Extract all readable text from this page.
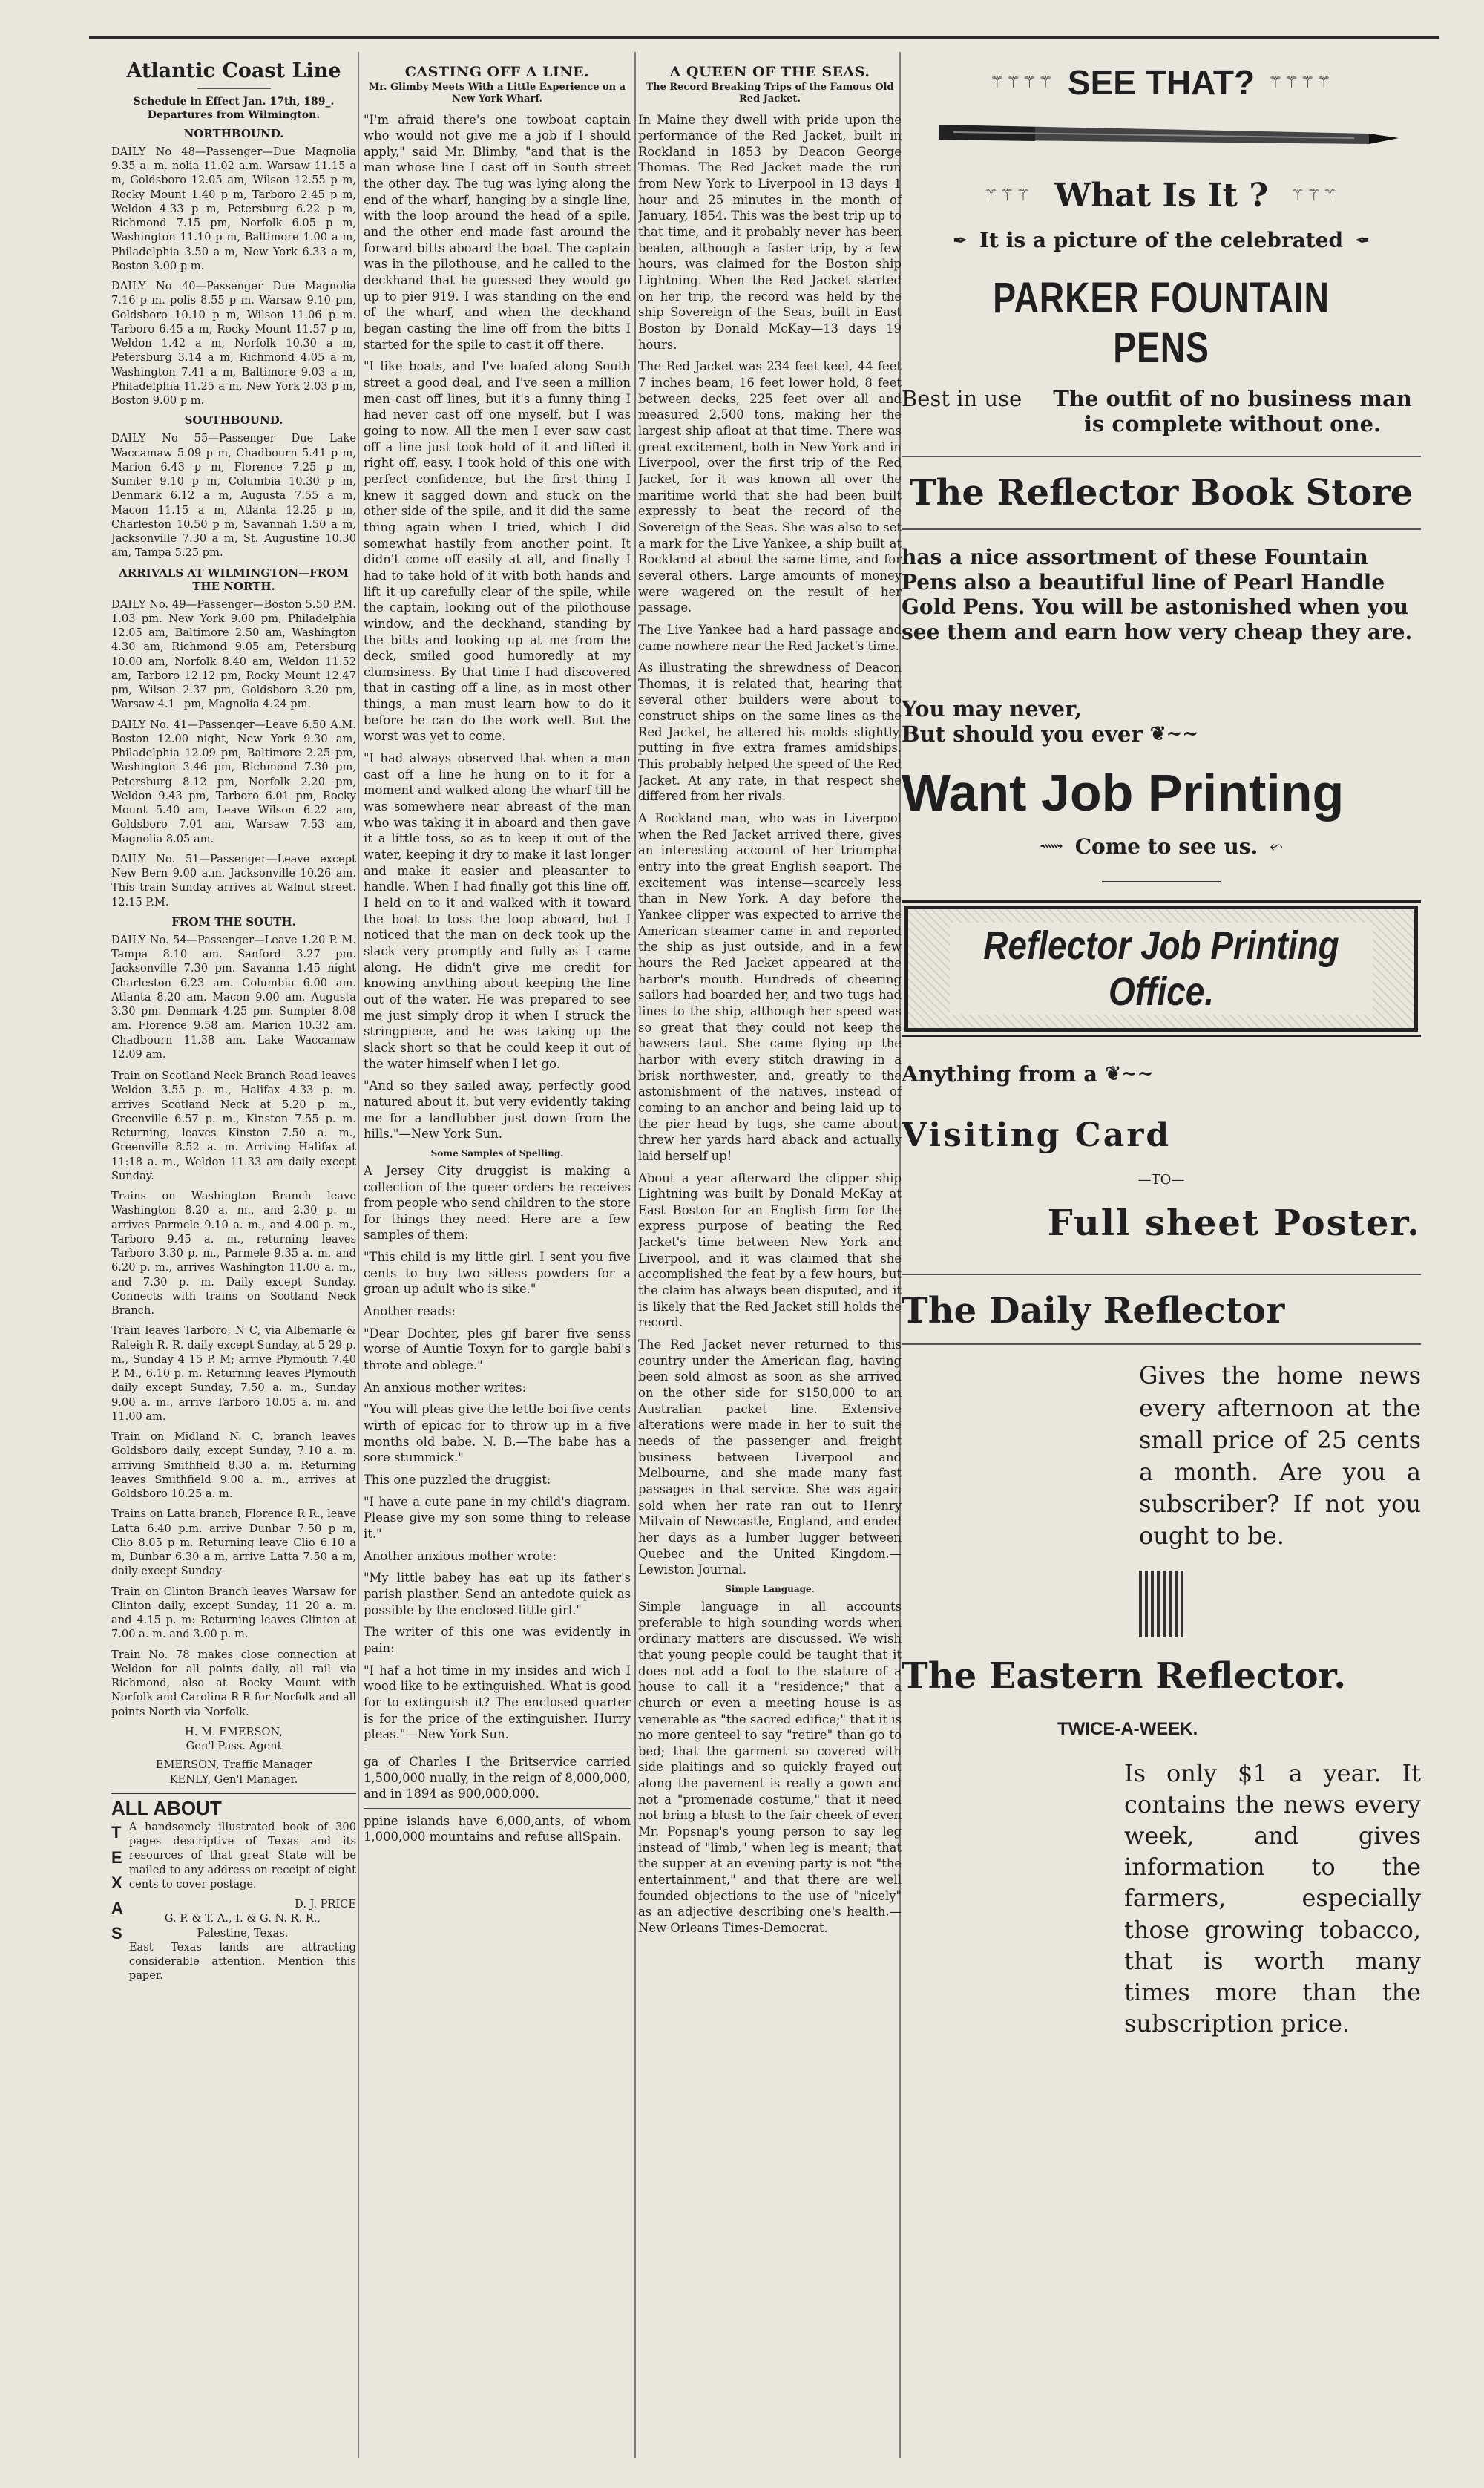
Atlantic Coast Line
Schedule in Effect Jan. 17th, 189_.
Departures from Wilmington.
NORTHBOUND.

DAILY No 48—Passenger—Due Magnolia 9.35 a. m. nolia 11.02 a.m. Warsaw 11.15 a m, Goldsboro 12.05 am, Wilson 12.55 p m, Rocky Mount 1.40 p m, Tarboro 2.45 p m, Weldon 4.33 p m, Petersburg 6.22 p m, Richmond 7.15 pm, Norfolk 6.05 p m, Washington 11.10 p m, Baltimore 1.00 a m, Philadelphia 3.50 a m, New York 6.33 a m, Boston 3.00 p m.

DAILY No 40—Passenger Due Magnolia 7.16 p m. polis 8.55 p m. Warsaw 9.10 pm, Goldsboro 10.10 p m, Wilson 11.06 p m. Tarboro 6.45 a m, Rocky Mount 11.57 p m, Weldon 1.42 a m, Norfolk 10.30 a m, Petersburg 3.14 a m, Richmond 4.05 a m, Washington 7.41 a m, Baltimore 9.03 a m, Philadelphia 11.25 a m, New York 2.03 p m, Boston 9.00 p m.

SOUTHBOUND.

DAILY No 55—Passenger Due Lake Waccamaw 5.09 p m, Chadbourn 5.41 p m, Marion 6.43 p m, Florence 7.25 p m, Sumter 9.10 p m, Columbia 10.30 p m, Denmark 6.12 a m, Augusta 7.55 a m, Macon 11.15 a m, Atlanta 12.25 p m, Charleston 10.50 p m, Savannah 1.50 a m, Jacksonville 7.30 a m, St. Augustine 10.30 am, Tampa 5.25 pm.

ARRIVALS AT WILMINGTON—FROM THE NORTH.

DAILY No. 49—Passenger—Boston 5.50 P.M. 1.03 pm. New York 9.00 pm, Philadelphia 12.05 am, Baltimore 2.50 am, Washington 4.30 am, Richmond 9.05 am, Petersburg 10.00 am, Norfolk 8.40 am, Weldon 11.52 am, Tarboro 12.12 pm, Rocky Mount 12.47 pm, Wilson 2.37 pm, Goldsboro 3.20 pm, Warsaw 4.1_ pm, Magnolia 4.24 pm.

DAILY No. 41—Passenger—Leave 6.50 A.M. Boston 12.00 night, New York 9.30 am, Philadelphia 12.09 pm, Baltimore 2.25 pm, Washington 3.46 pm, Richmond 7.30 pm, Petersburg 8.12 pm, Norfolk 2.20 pm, Weldon 9.43 pm, Tarboro 6.01 pm, Rocky Mount 5.40 am, Leave Wilson 6.22 am, Goldsboro 7.01 am, Warsaw 7.53 am, Magnolia 8.05 am.

DAILY No. 51—Passenger—Leave except New Bern 9.00 a.m. Jacksonville 10.26 am. This train Sunday arrives at Walnut street. 12.15 P.M.

FROM THE SOUTH.

DAILY No. 54—Passenger—Leave 1.20 P. M. Tampa 8.10 am. Sanford 3.27 pm. Jacksonville 7.30 pm. Savanna 1.45 night Charleston 6.23 am. Columbia 6.00 am. Atlanta 8.20 am. Macon 9.00 am. Augusta 3.30 pm. Denmark 4.25 pm. Sumpter 8.08 am. Florence 9.58 am. Marion 10.32 am. Chadbourn 11.38 am. Lake Waccamaw 12.09 am.

Train on Scotland Neck Branch Road leaves Weldon 3.55 p. m., Halifax 4.33 p. m. arrives Scotland Neck at 5.20 p. m., Greenville 6.57 p. m., Kinston 7.55 p. m. Returning, leaves Kinston 7.50 a. m., Greenville 8.52 a. m. Arriving Halifax at 11:18 a. m., Weldon 11.33 am daily except Sunday.

Trains on Washington Branch leave Washington 8.20 a. m., and 2.30 p. m arrives Parmele 9.10 a. m., and 4.00 p. m., Tarboro 9.45 a. m., returning leaves Tarboro 3.30 p. m., Parmele 9.35 a. m. and 6.20 p. m., arrives Washington 11.00 a. m., and 7.30 p. m. Daily except Sunday. Connects with trains on Scotland Neck Branch.

Train leaves Tarboro, N C, via Albemarle & Raleigh R. R. daily except Sunday, at 5 29 p. m., Sunday 4 15 P. M; arrive Plymouth 7.40 P. M., 6.10 p. m. Returning leaves Plymouth daily except Sunday, 7.50 a. m., Sunday 9.00 a. m., arrive Tarboro 10.05 a. m. and 11.00 am.

Train on Midland N. C. branch leaves Goldsboro daily, except Sunday, 7.10 a. m. arriving Smithfield 8.30 a. m. Returning leaves Smithfield 9.00 a. m., arrives at Goldsboro 10.25 a. m.

Trains on Latta branch, Florence R R., leave Latta 6.40 p.m. arrive Dunbar 7.50 p m, Clio 8.05 p m. Returning leave Clio 6.10 a m, Dunbar 6.30 a m, arrive Latta 7.50 a m, daily except Sunday

Train on Clinton Branch leaves Warsaw for Clinton daily, except Sunday, 11 20 a. m. and 4.15 p. m: Returning leaves Clinton at 7.00 a. m. and 3.00 p. m.

Train No. 78 makes close connection at Weldon for all points daily, all rail via Richmond, also at Rocky Mount with Norfolk and Carolina R R for Norfolk and all points North via Norfolk.

H. M. EMERSON,
Gen'l Pass. Agent
EMERSON, Traffic Manager
KENLY, Gen'l Manager.
ALL ABOUT
T
E
X
A
S

A handsomely illustrated book of 300 pages descriptive of Texas and its resources of that great State will be mailed to any address on receipt of eight cents to cover postage.

D. J. PRICE
G. P. & T. A., I. & G. N. R. R.,
Palestine, Texas.

East Texas lands are attracting considerable attention. Mention this paper.

CASTING OFF A LINE.
Mr. Glimby Meets With a Little Experience on a New York Wharf.

"I'm afraid there's one towboat captain who would not give me a job if I should apply," said Mr. Blimby, "and that is the man whose line I cast off in South street the other day. The tug was lying along the end of the wharf, hanging by a single line, with the loop around the head of a spile, and the other end made fast around the forward bitts aboard the boat. The captain was in the pilothouse, and he called to the deckhand that he guessed they would go up to pier 919. I was standing on the end of the wharf, and when the deckhand began casting the line off from the bitts I started for the spile to cast it off there.

"I like boats, and I've loafed along South street a good deal, and I've seen a million men cast off lines, but it's a funny thing I had never cast off one myself, but I was going to now. All the men I ever saw cast off a line just took hold of it and lifted it right off, easy. I took hold of this one with perfect confidence, but the first thing I knew it sagged down and stuck on the other side of the spile, and it did the same thing again when I tried, which I did somewhat hastily from another point. It didn't come off easily at all, and finally I had to take hold of it with both hands and lift it up carefully clear of the spile, while the captain, looking out of the pilothouse window, and the deckhand, standing by the bitts and looking up at me from the deck, smiled good humoredly at my clumsiness. By that time I had discovered that in casting off a line, as in most other things, a man must learn how to do it before he can do the work well. But the worst was yet to come.

"I had always observed that when a man cast off a line he hung on to it for a moment and walked along the wharf till he was somewhere near abreast of the man who was taking it in aboard and then gave it a little toss, so as to keep it out of the water, keeping it dry to make it last longer and make it easier and pleasanter to handle. When I had finally got this line off, I held on to it and walked with it toward the boat to toss the loop aboard, but I noticed that the man on deck took up the slack very promptly and fully as I came along. He didn't give me credit for knowing anything about keeping the line out of the water. He was prepared to see me just simply drop it when I struck the stringpiece, and he was taking up the slack short so that he could keep it out of the water himself when I let go.

"And so they sailed away, perfectly good natured about it, but very evidently taking me for a landlubber just down from the hills."—New York Sun.

Some Samples of Spelling.

A Jersey City druggist is making a collection of the queer orders he receives from people who send children to the store for things they need. Here are a few samples of them:

"This child is my little girl. I sent you five cents to buy two sitless powders for a groan up adult who is sike."

Another reads:

"Dear Dochter, ples gif barer five senss worse of Auntie Toxyn for to gargle babi's throte and oblege."

An anxious mother writes:

"You will pleas give the lettle boi five cents wirth of epicac for to throw up in a five months old babe. N. B.—The babe has a sore stummick."

This one puzzled the druggist:

"I have a cute pane in my child's diagram. Please give my son some thing to release it."

Another anxious mother wrote:

"My little babey has eat up its father's parish plasther. Send an antedote quick as possible by the enclosed little girl."

The writer of this one was evidently in pain:

"I haf a hot time in my insides and wich I wood like to be extinguished. What is good for to extinguish it? The enclosed quarter is for the price of the extinguisher. Hurry pleas."—New York Sun.

ga of Charles I the Britservice carried 1,500,000 nually, in the reign of 8,000,000, and in 1894 as 900,000,000.

ppine islands have 6,000,ants, of whom 1,000,000 mountains and refuse allSpain.

A QUEEN OF THE SEAS.
The Record Breaking Trips of the Famous Old Red Jacket.

In Maine they dwell with pride upon the performance of the Red Jacket, built in Rockland in 1853 by Deacon George Thomas. The Red Jacket made the run from New York to Liverpool in 13 days 1 hour and 25 minutes in the month of January, 1854. This was the best trip up to that time, and it probably never has been beaten, although a faster trip, by a few hours, was claimed for the Boston ship Lightning. When the Red Jacket started on her trip, the record was held by the ship Sovereign of the Seas, built in East Boston by Donald McKay—13 days 19 hours.

The Red Jacket was 234 feet keel, 44 feet 7 inches beam, 16 feet lower hold, 8 feet between decks, 225 feet over all and measured 2,500 tons, making her the largest ship afloat at that time. There was great excitement, both in New York and in Liverpool, over the first trip of the Red Jacket, for it was known all over the maritime world that she had been built expressly to beat the record of the Sovereign of the Seas. She was also to set a mark for the Live Yankee, a ship built at Rockland at about the same time, and for several others. Large amounts of money were wagered on the result of her passage.

The Live Yankee had a hard passage and came nowhere near the Red Jacket's time.

As illustrating the shrewdness of Deacon Thomas, it is related that, hearing that several other builders were about to construct ships on the same lines as the Red Jacket, he altered his molds slightly, putting in five extra frames amidships. This probably helped the speed of the Red Jacket. At any rate, in that respect she differed from her rivals.

A Rockland man, who was in Liverpool when the Red Jacket arrived there, gives an interesting account of her triumphal entry into the great English seaport. The excitement was intense—scarcely less than in New York. A day before the Yankee clipper was expected to arrive the American steamer came in and reported the ship as just outside, and in a few hours the Red Jacket appeared at the harbor's mouth. Hundreds of cheering sailors had boarded her, and two tugs had lines to the ship, although her speed was so great that they could not keep the hawsers taut. She came flying up the harbor with every stitch drawing in a brisk northwester, and, greatly to the astonishment of the natives, instead of coming to an anchor and being laid up to the pier head by tugs, she came about, threw her yards hard aback and actually laid herself up!

About a year afterward the clipper ship Lightning was built by Donald McKay at East Boston for an English firm for the express purpose of beating the Red Jacket's time between New York and Liverpool, and it was claimed that she accomplished the feat by a few hours, but the claim has always been disputed, and it is likely that the Red Jacket still holds the record.

The Red Jacket never returned to this country under the American flag, having been sold almost as soon as she arrived on the other side for $150,000 to an Australian packet line. Extensive alterations were made in her to suit the needs of the passenger and freight business between Liverpool and Melbourne, and she made many fast passages in that service. She was again sold when her rate ran out to Henry Milvain of Newcastle, England, and ended her days as a lumber lugger between Quebec and the United Kingdom.—Lewiston Journal.

Simple Language.

Simple language in all accounts preferable to high sounding words when ordinary matters are discussed. We wish that young people could be taught that it does not add a foot to the stature of a house to call it a "residence;" that a church or even a meeting house is as venerable as "the sacred edifice;" that it is no more genteel to say "retire" than go to bed; that the garment so covered with side plaitings and so quickly frayed out along the pavement is really a gown and not a "promenade costume," that it need not bring a blush to the fair cheek of even Mr. Popsnap's young person to say leg instead of "limb," when leg is meant; that the supper at an evening party is not "the entertainment," and that there are well founded objections to the use of "nicely" as an adjective describing one's health.—New Orleans Times-Democrat.

⚚⚚⚚⚚ SEE THAT? ⚚⚚⚚⚚
⚚⚚⚚ What Is It ? ⚚⚚⚚
✒ It is a picture of the celebrated ✒
PARKER FOUNTAIN PENS
Best in use	The outfit of no business man is complete without one.
The Reflector Book Store
has a nice assortment of these Fountain Pens also a beautiful line of Pearl Handle Gold Pens. You will be astonished when you see them and earn how very cheap they are.
You may never,
But should you ever ❦~~
Want Job Printing
⟿ Come to see us. ⬿
Reflector Job Printing Office.
Anything from a ❦~~
Visiting Card
—TO—
Full sheet Poster.
The Daily Reflector
Gives the home news every afternoon at the small price of 25 cents a month. Are you a subscriber? If not you ought to be.
The Eastern Reflector.
TWICE-A-WEEK.
Is only $1 a year. It contains the news every week, and gives information to the farmers, especially those growing tobacco, that is worth many times more than the subscription price.
